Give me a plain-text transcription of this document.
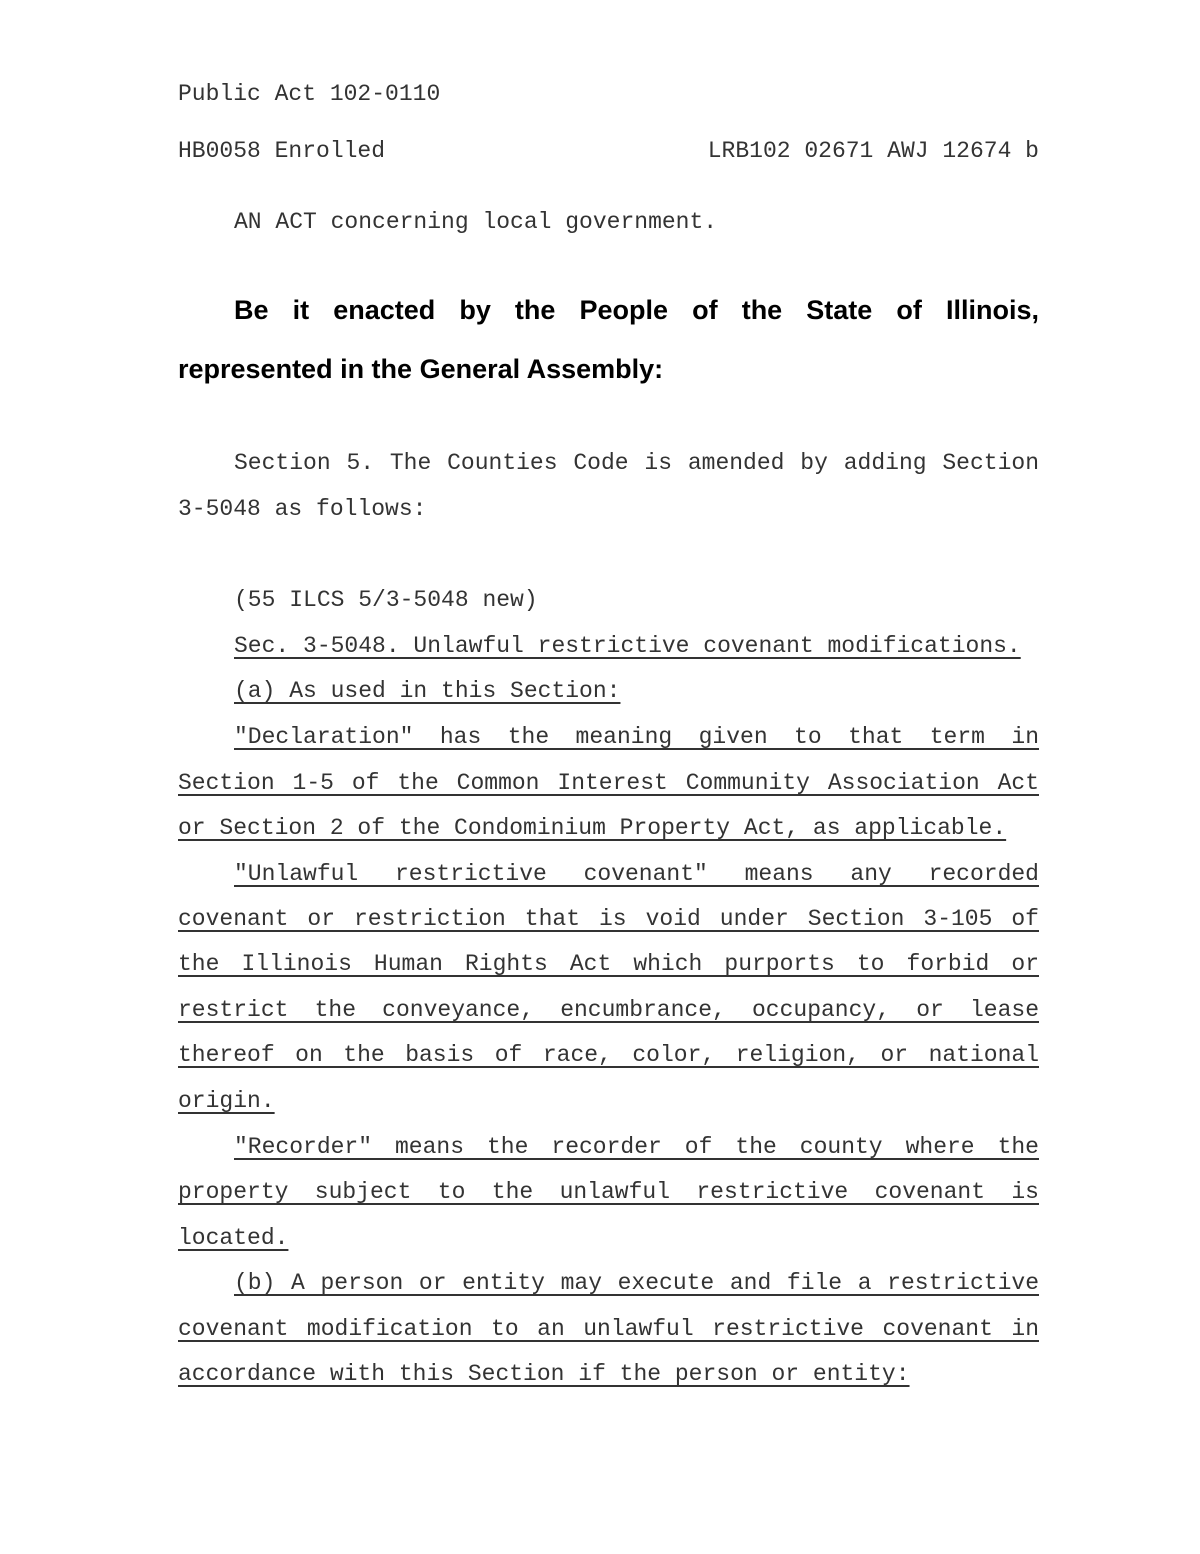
Public Act 102-0110
HB0058 Enrolled	LRB102 02671 AWJ 12674 b
AN ACT concerning local government.
Be it enacted by the People of the State of Illinois,
represented in the General Assembly:
Section 5. The Counties Code is amended by adding Section
3-5048 as follows:
(55 ILCS 5/3-5048 new)
Sec. 3-5048. Unlawful restrictive covenant modifications.
(a) As used in this Section:
"Declaration" has the meaning given to that term in
Section 1-5 of the Common Interest Community Association Act
or Section 2 of the Condominium Property Act, as applicable.
"Unlawful restrictive covenant" means any recorded
covenant or restriction that is void under Section 3-105 of
the Illinois Human Rights Act which purports to forbid or
restrict the conveyance, encumbrance, occupancy, or lease
thereof on the basis of race, color, religion, or national
origin.
"Recorder" means the recorder of the county where the
property subject to the unlawful restrictive covenant is
located.
(b) A person or entity may execute and file a restrictive
covenant modification to an unlawful restrictive covenant in
accordance with this Section if the person or entity:
